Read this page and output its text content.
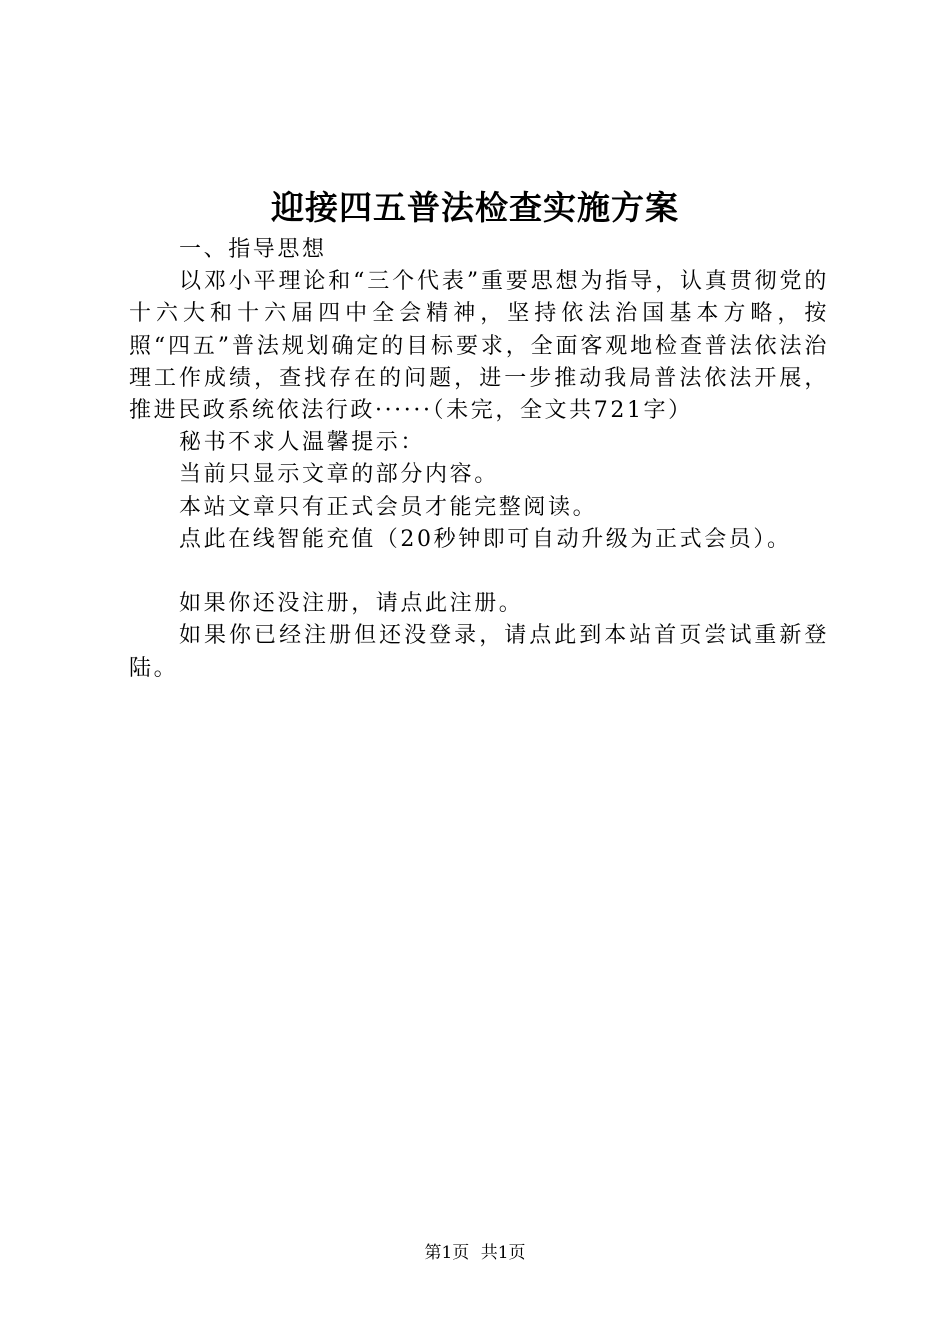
迎接四五普法检查实施方案

一、指导思想

以邓小平理论和“三个代表”重要思想为指导，认真贯彻党的十六大和十六届四中全会精神，坚持依法治国基本方略，按照“四五”普法规划确定的目标要求，全面客观地检查普法依法治理工作成绩，查找存在的问题，进一步推动我局普法依法开展，推进民政系统依法行政······（未完，全文共721字）

秘书不求人温馨提示：

当前只显示文章的部分内容。

本站文章只有正式会员才能完整阅读。

点此在线智能充值（20秒钟即可自动升级为正式会员）。

如果你还没注册，请点此注册。

如果你已经注册但还没登录，请点此到本站首页尝试重新登陆。

第1页 共1页
